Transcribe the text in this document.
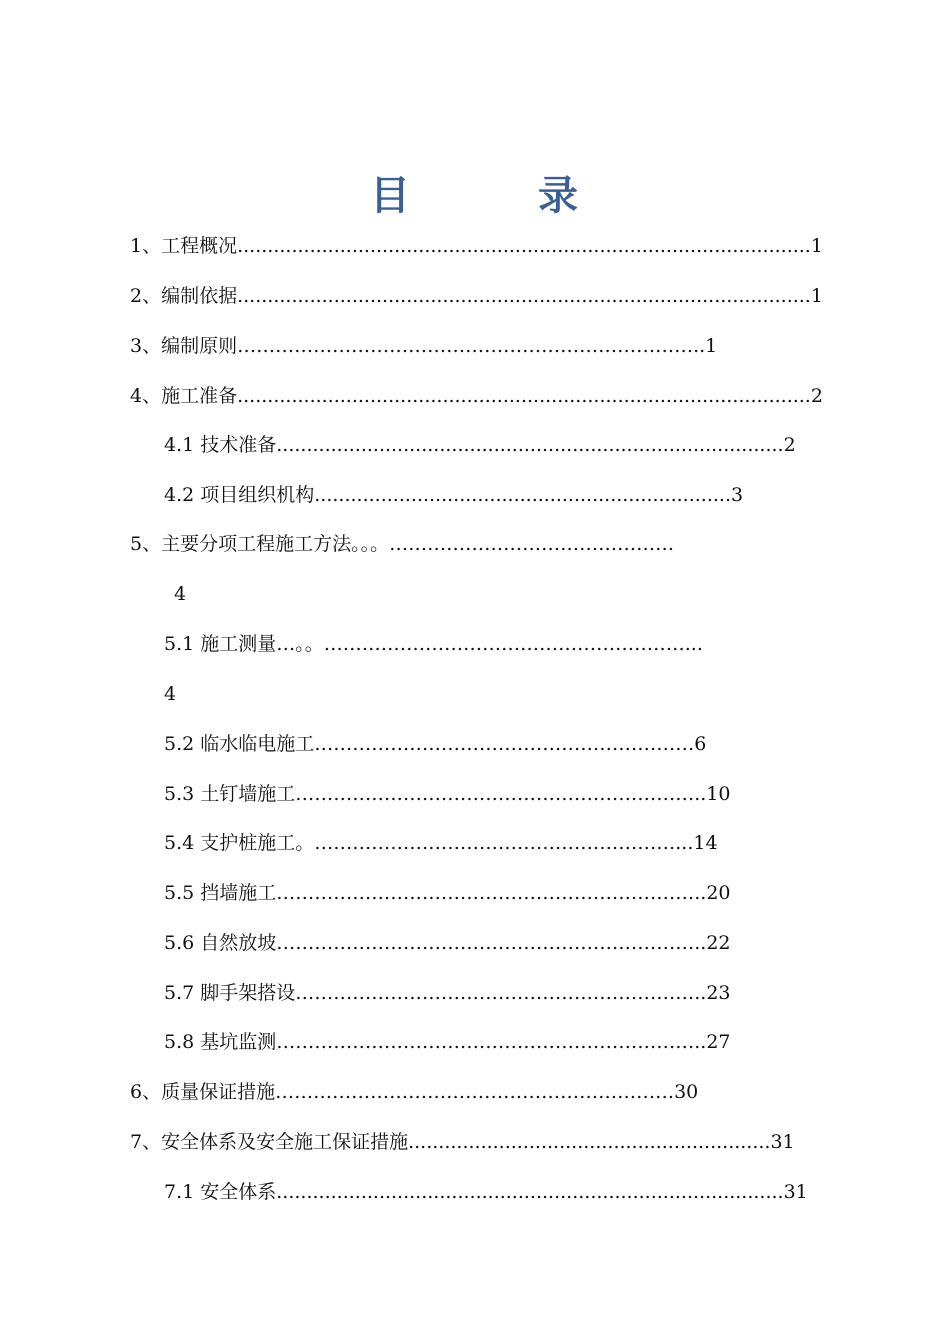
目　　　录
1、工程概况...............................................................................................1
2、编制依据...............................................................................................1
3、编制原则………………………………………………………………..1
4、施工准备...............................................................................................2
4.1 技术准备....................................................................................2
4.2 项目组织机构.....................................................................3
5、主要分项工程施工方法。。。………………………………………
4
5.1 施工测量…。。…………………………………………………...
4
5.2 临水临电施工……………………………………………………6
5.3 土钉墙施工………………………………………………………..10
5.4 支护桩施工。…………………………………………………...14
5.5 挡墙施工…………………………………………………………..20
5.6 自然放坡…………………………………………………………..22
5.7 脚手架搭设………………………………………………………..23
5.8 基坑监测…………………………………………………………..27
6、质量保证措施………………………………………………………30
7、安全体系及安全施工保证措施............................................................31
7.1 安全体系....................................................................................31
